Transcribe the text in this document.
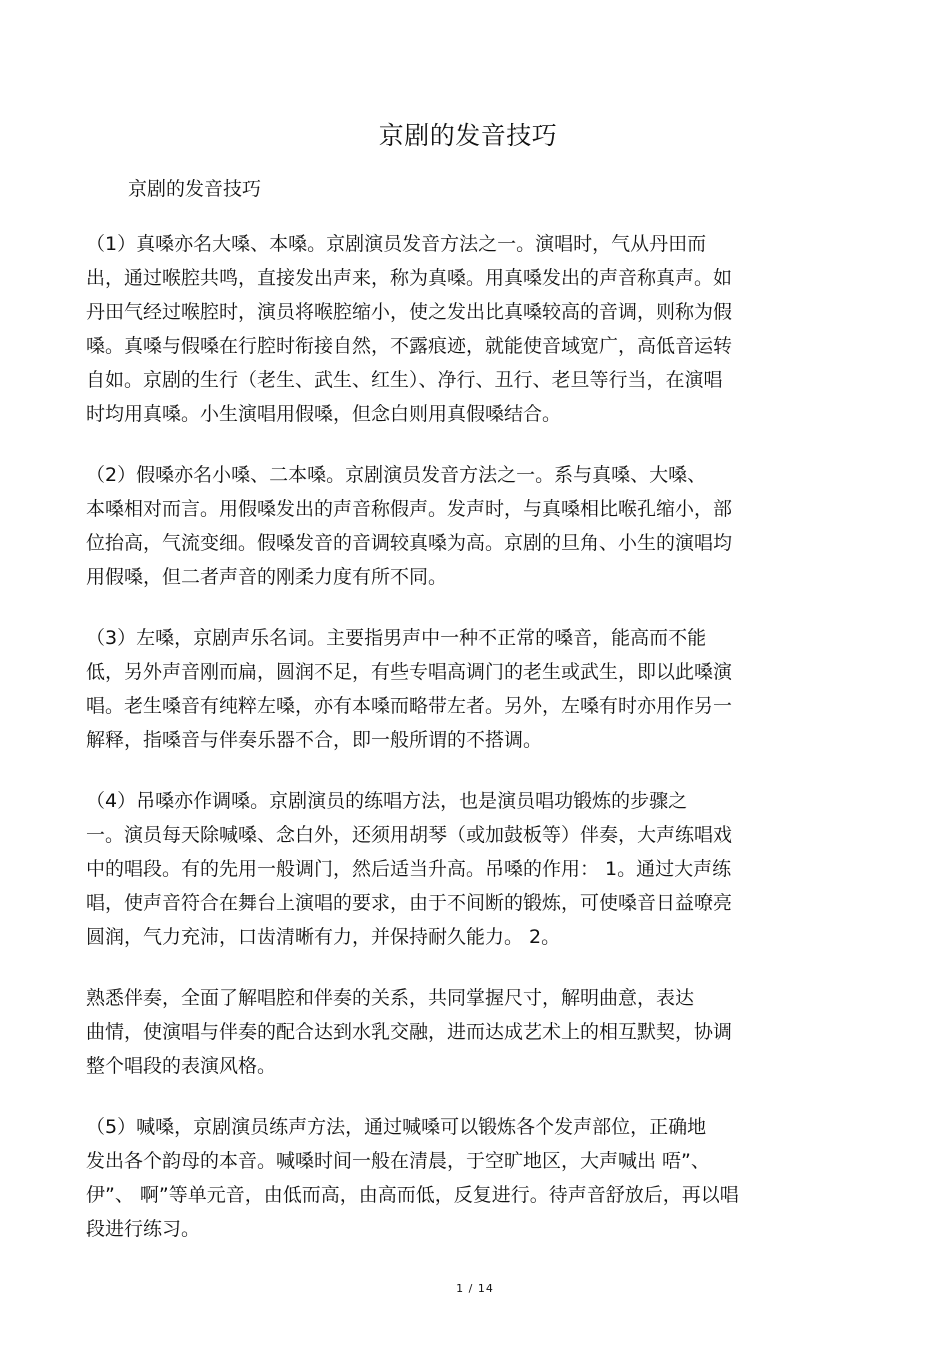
京剧的发音技巧
京剧的发音技巧

（1）真嗓亦名大嗓、本嗓。京剧演员发音方法之一。演唱时，气从丹田而
出，通过喉腔共鸣，直接发出声来，称为真嗓。用真嗓发出的声音称真声。如
丹田气经过喉腔时，演员将喉腔缩小，使之发出比真嗓较高的音调，则称为假
嗓。真嗓与假嗓在行腔时衔接自然，不露痕迹，就能使音域宽广，高低音运转
自如。京剧的生行（老生、武生、红生）、净行、丑行、老旦等行当，在演唱
时均用真嗓。小生演唱用假嗓，但念白则用真假嗓结合。

（2）假嗓亦名小嗓、二本嗓。京剧演员发音方法之一。系与真嗓、大嗓、
本嗓相对而言。用假嗓发出的声音称假声。发声时，与真嗓相比喉孔缩小，部
位抬高，气流变细。假嗓发音的音调较真嗓为高。京剧的旦角、小生的演唱均
用假嗓，但二者声音的刚柔力度有所不同。

（3）左嗓，京剧声乐名词。主要指男声中一种不正常的嗓音，能高而不能
低，另外声音刚而扁，圆润不足，有些专唱高调门的老生或武生，即以此嗓演
唱。老生嗓音有纯粹左嗓，亦有本嗓而略带左者。另外，左嗓有时亦用作另一
解释，指嗓音与伴奏乐器不合，即一般所谓的不搭调。

（4）吊嗓亦作调嗓。京剧演员的练唱方法，也是演员唱功锻炼的步骤之
一。演员每天除喊嗓、念白外，还须用胡琴（或加鼓板等）伴奏，大声练唱戏
中的唱段。有的先用一般调门，然后适当升高。吊嗓的作用： 1。通过大声练
唱，使声音符合在舞台上演唱的要求，由于不间断的锻炼，可使嗓音日益嘹亮
圆润，气力充沛，口齿清晰有力，并保持耐久能力。 2。

熟悉伴奏，全面了解唱腔和伴奏的关系，共同掌握尺寸，解明曲意，表达
曲情，使演唱与伴奏的配合达到水乳交融，进而达成艺术上的相互默契，协调
整个唱段的表演风格。

（5）喊嗓，京剧演员练声方法，通过喊嗓可以锻炼各个发声部位，正确地
发出各个韵母的本音。喊嗓时间一般在清晨，于空旷地区，大声喊出 唔”、
伊”、 啊”等单元音，由低而高，由高而低，反复进行。待声音舒放后，再以唱
段进行练习。

1 / 14
